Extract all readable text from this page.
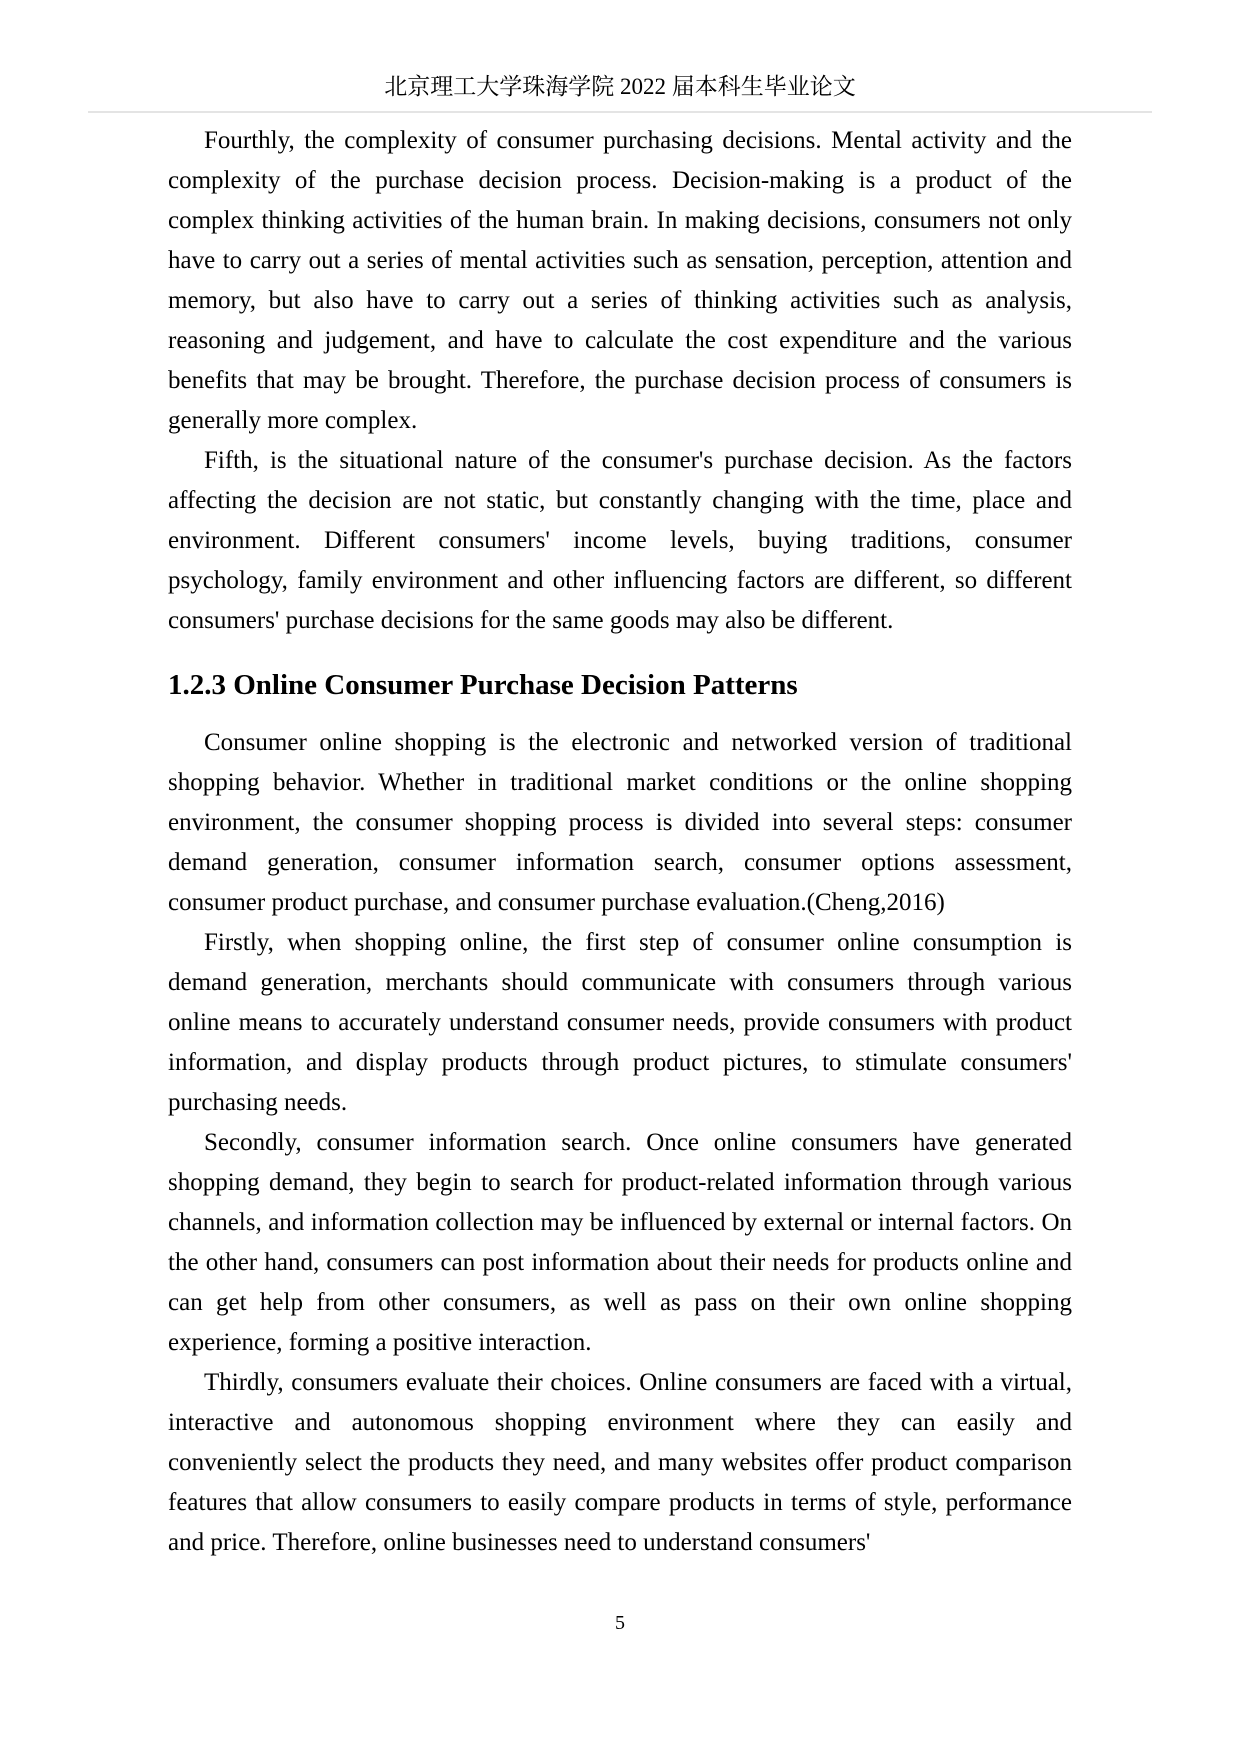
北京理工大学珠海学院 2022 届本科生毕业论文

Fourthly, the complexity of consumer purchasing decisions. Mental activity and the complexity of the purchase decision process. Decision-making is a product of the complex thinking activities of the human brain. In making decisions, consumers not only have to carry out a series of mental activities such as sensation, perception, attention and memory, but also have to carry out a series of thinking activities such as analysis, reasoning and judgement, and have to calculate the cost expenditure and the various benefits that may be brought. Therefore, the purchase decision process of consumers is generally more complex.

Fifth, is the situational nature of the consumer's purchase decision. As the factors affecting the decision are not static, but constantly changing with the time, place and environment. Different consumers' income levels, buying traditions, consumer psychology, family environment and other influencing factors are different, so different consumers' purchase decisions for the same goods may also be different.

1.2.3 Online Consumer Purchase Decision Patterns

Consumer online shopping is the electronic and networked version of traditional shopping behavior. Whether in traditional market conditions or the online shopping environment, the consumer shopping process is divided into several steps: consumer demand generation, consumer information search, consumer options assessment, consumer product purchase, and consumer purchase evaluation.(Cheng,2016)

Firstly, when shopping online, the first step of consumer online consumption is demand generation, merchants should communicate with consumers through various online means to accurately understand consumer needs, provide consumers with product information, and display products through product pictures, to stimulate consumers' purchasing needs.

Secondly, consumer information search. Once online consumers have generated shopping demand, they begin to search for product-related information through various channels, and information collection may be influenced by external or internal factors. On the other hand, consumers can post information about their needs for products online and can get help from other consumers, as well as pass on their own online shopping experience, forming a positive interaction.

Thirdly, consumers evaluate their choices. Online consumers are faced with a virtual, interactive and autonomous shopping environment where they can easily and conveniently select the products they need, and many websites offer product comparison features that allow consumers to easily compare products in terms of style, performance and price. Therefore, online businesses need to understand consumers'

5
